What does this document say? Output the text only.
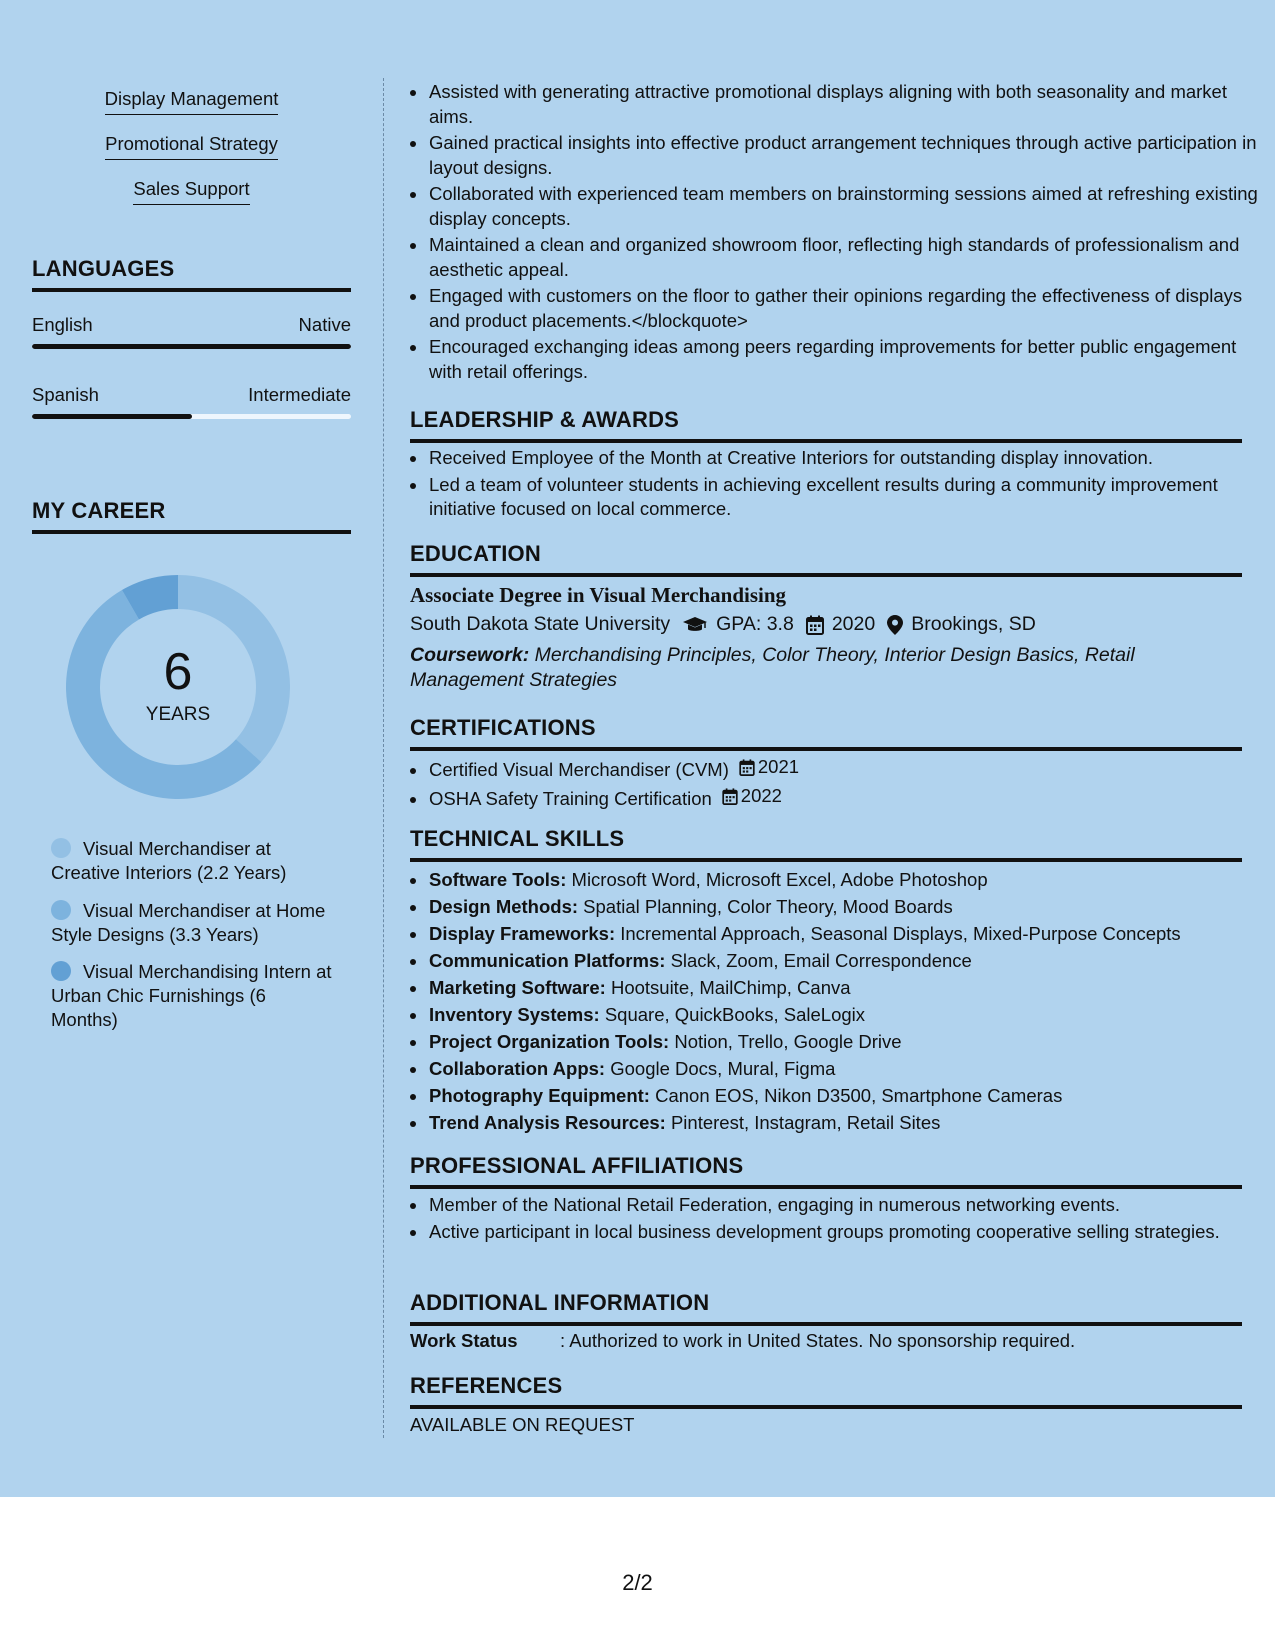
Display Management
Promotional Strategy
Sales Support
LANGUAGES
English	Native
Spanish	Intermediate
MY CAREER
6
YEARS
Visual Merchandiser at Creative Interiors (2.2 Years)
Visual Merchandiser at Home Style Designs (3.3 Years)
Visual Merchandising Intern at Urban Chic Furnishings (6 Months)
• Assisted with generating attractive promotional displays aligning with both seasonality and market aims.
• Gained practical insights into effective product arrangement techniques through active participation in layout designs.
• Collaborated with experienced team members on brainstorming sessions aimed at refreshing existing display concepts.
• Maintained a clean and organized showroom floor, reflecting high standards of professionalism and aesthetic appeal.
• Engaged with customers on the floor to gather their opinions regarding the effectiveness of displays and product placements.</blockquote>
• Encouraged exchanging ideas among peers regarding improvements for better public engagement with retail offerings.
LEADERSHIP & AWARDS
• Received Employee of the Month at Creative Interiors for outstanding display innovation.
• Led a team of volunteer students in achieving excellent results during a community improvement initiative focused on local commerce.
EDUCATION
Associate Degree in Visual Merchandising
South Dakota State University GPA: 3.8 2020 Brookings, SD
Coursework: Merchandising Principles, Color Theory, Interior Design Basics, Retail Management Strategies
CERTIFICATIONS
• Certified Visual Merchandiser (CVM) 2021
• OSHA Safety Training Certification 2022
TECHNICAL SKILLS
• Software Tools: Microsoft Word, Microsoft Excel, Adobe Photoshop
• Design Methods: Spatial Planning, Color Theory, Mood Boards
• Display Frameworks: Incremental Approach, Seasonal Displays, Mixed-Purpose Concepts
• Communication Platforms: Slack, Zoom, Email Correspondence
• Marketing Software: Hootsuite, MailChimp, Canva
• Inventory Systems: Square, QuickBooks, SaleLogix
• Project Organization Tools: Notion, Trello, Google Drive
• Collaboration Apps: Google Docs, Mural, Figma
• Photography Equipment: Canon EOS, Nikon D3500, Smartphone Cameras
• Trend Analysis Resources: Pinterest, Instagram, Retail Sites
PROFESSIONAL AFFILIATIONS
• Member of the National Retail Federation, engaging in numerous networking events.
• Active participant in local business development groups promoting cooperative selling strategies.
ADDITIONAL INFORMATION
Work Status	: Authorized to work in United States. No sponsorship required.
REFERENCES
AVAILABLE ON REQUEST
2/2
